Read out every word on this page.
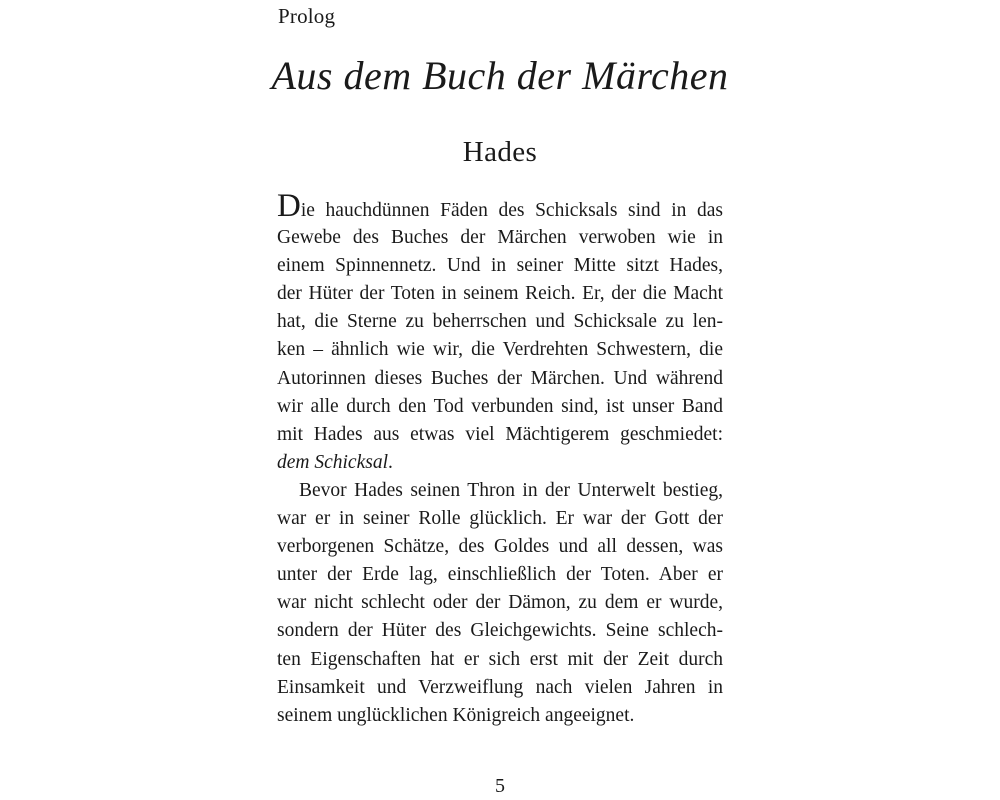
Prolog
Aus dem Buch der Märchen
Hades
Die hauchdünnen Fäden des Schicksals sind in das
Gewebe des Buches der Märchen verwoben wie in
einem Spinnennetz. Und in seiner Mitte sitzt Hades,
der Hüter der Toten in seinem Reich. Er, der die Macht
hat, die Sterne zu beherrschen und Schicksale zu len-
ken – ähnlich wie wir, die Verdrehten Schwestern, die
Autorinnen dieses Buches der Märchen. Und während
wir alle durch den Tod verbunden sind, ist unser Band
mit Hades aus etwas viel Mächtigerem geschmiedet:
dem Schicksal.
Bevor Hades seinen Thron in der Unterwelt bestieg,
war er in seiner Rolle glücklich. Er war der Gott der
verborgenen Schätze, des Goldes und all dessen, was
unter der Erde lag, einschließlich der Toten. Aber er
war nicht schlecht oder der Dämon, zu dem er wurde,
sondern der Hüter des Gleichgewichts. Seine schlech-
ten Eigenschaften hat er sich erst mit der Zeit durch
Einsamkeit und Verzweiflung nach vielen Jahren in
seinem unglücklichen Königreich angeeignet.
5
